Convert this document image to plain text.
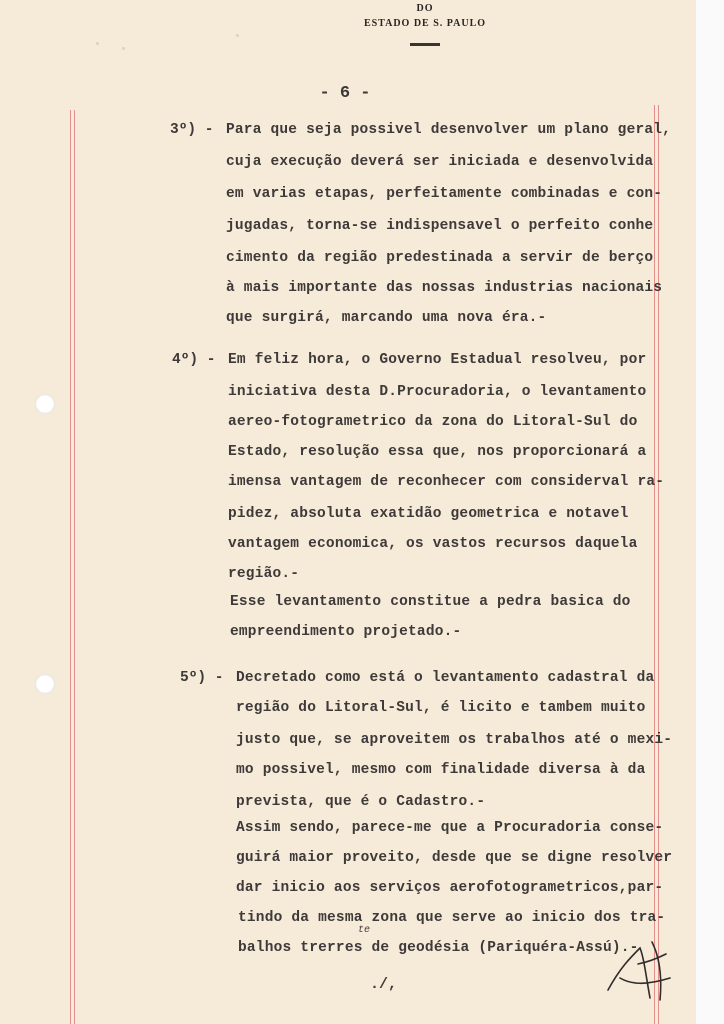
DO
ESTADO DE S. PAULO
- 6 -
3º) - Para que seja possivel desenvolver um plano geral,
cuja execução deverá ser iniciada e desenvolvida
em varias etapas, perfeitamente combinadas e con-
jugadas, torna-se indispensavel o perfeito conhe
cimento da região predestinada a servir de berço
à mais importante das nossas industrias nacionais
que surgirá, marcando uma nova éra.-
4º) - Em feliz hora, o Governo Estadual resolveu, por
iniciativa desta D.Procuradoria, o levantamento
aereo-fotogrametrico da zona do Litoral-Sul do
Estado, resolução essa que, nos proporcionará a
imensa vantagem de reconhecer com considerval ra-
pidez, absoluta exatidão geometrica e notavel
vantagem economica, os vastos recursos daquela
região.-
Esse levantamento constitue a pedra basica do
empreendimento projetado.-
5º) - Decretado como está o levantamento cadastral da
região do Litoral-Sul, é licito e tambem muito
justo que, se aproveitem os trabalhos até o mexi-
mo possivel, mesmo com finalidade diversa à da
prevista, que é o Cadastro.-
Assim sendo, parece-me que a Procuradoria conse-
guirá maior proveito, desde que se digne resolver
dar inicio aos serviços aerofotogrametricos,par-
tindo da mesma zona que serve ao inicio dos tra-
balhos trerres de geodésia (Pariquéra-Assú).-
te
./,
